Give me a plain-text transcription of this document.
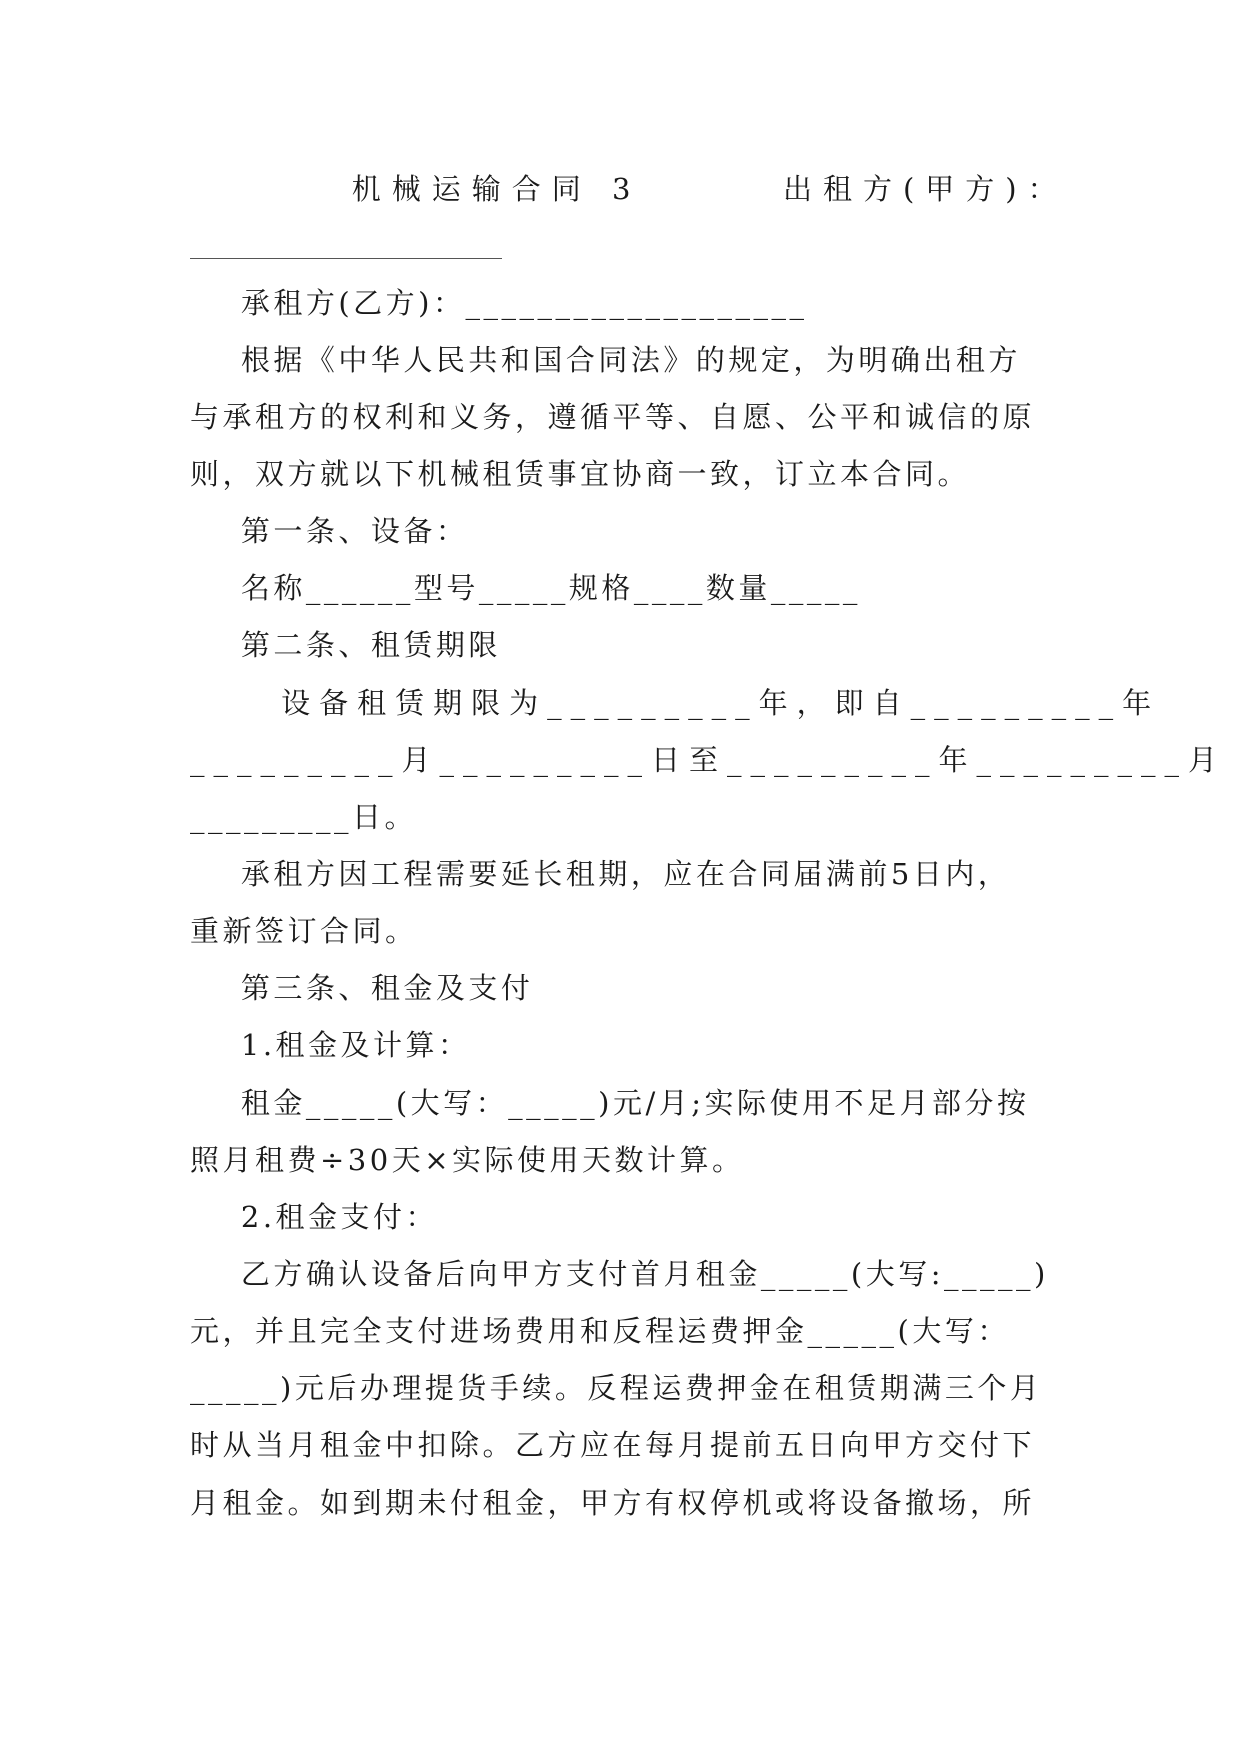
机械运输合同 3       出租方(甲方)：

承租方(乙方)：___________________

根据《中华人民共和国合同法》的规定，为明确出租方

与承租方的权利和义务，遵循平等、自愿、公平和诚信的原

则，双方就以下机械租赁事宜协商一致，订立本合同。

第一条、设备：

名称______型号_____规格____数量_____

第二条、租赁期限

设备租赁期限为_________年，即自_________年

_________月_________日至_________年_________月

_________日。

承租方因工程需要延长租期，应在合同届满前5日内，

重新签订合同。

第三条、租金及支付

1.租金及计算：

租金_____(大写：_____)元/月;实际使用不足月部分按

照月租费÷30天×实际使用天数计算。

2.租金支付：

乙方确认设备后向甲方支付首月租金_____(大写:_____)

元，并且完全支付进场费用和反程运费押金_____(大写：

_____)元后办理提货手续。反程运费押金在租赁期满三个月

时从当月租金中扣除。乙方应在每月提前五日向甲方交付下

月租金。如到期未付租金，甲方有权停机或将设备撤场，所
